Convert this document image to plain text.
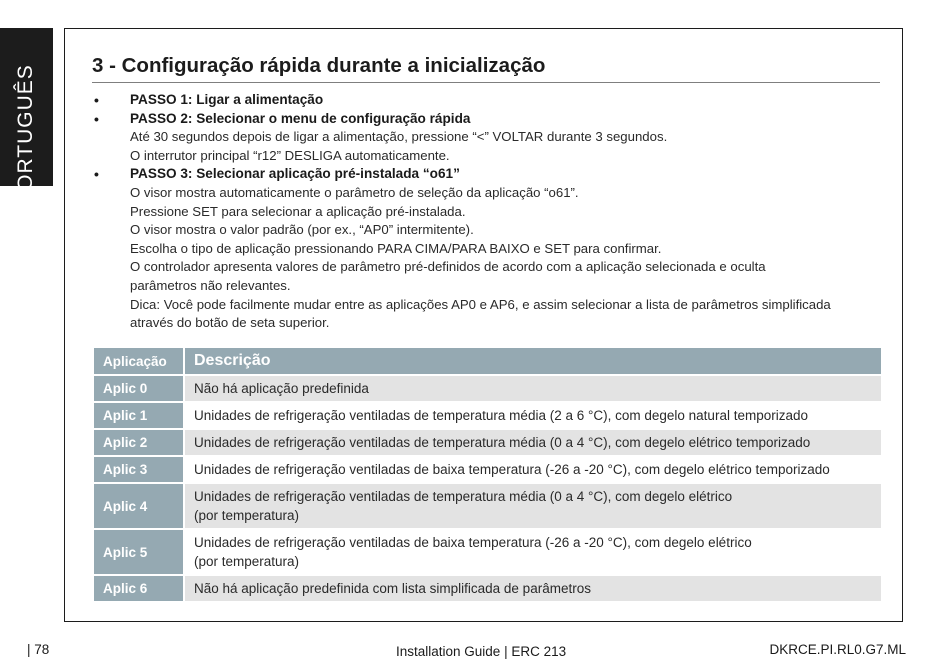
PORTUGUÊS	3 - Configuração rápida durante a inicialização
• PASSO 1: Ligar a alimentação
• PASSO 2: Selecionar o menu de configuração rápida
Até 30 segundos depois de ligar a alimentação, pressione “<” VOLTAR durante 3 segundos.
O interrutor principal “r12” DESLIGA automaticamente.
• PASSO 3: Selecionar aplicação pré-instalada “o61”
O visor mostra automaticamente o parâmetro de seleção da aplicação “o61”.
Pressione SET para selecionar a aplicação pré-instalada.
O visor mostra o valor padrão (por ex., “AP0” intermitente).
Escolha o tipo de aplicação pressionando PARA CIMA/PARA BAIXO e SET para confirmar.
O controlador apresenta valores de parâmetro pré-definidos de acordo com a aplicação selecionada e oculta
parâmetros não relevantes.
Dica: Você pode facilmente mudar entre as aplicações AP0 e AP6, e assim selecionar a lista de parâmetros simplificada
através do botão de seta superior.
Aplicação	Descrição
Aplic 0	Não há aplicação predefinida

Aplic 1	Unidades de refrigeração ventiladas de temperatura média (2 a 6 °C), com degelo natural temporizado

Aplic 2	Unidades de refrigeração ventiladas de temperatura média (0 a 4 °C), com degelo elétrico temporizado

Aplic 3	Unidades de refrigeração ventiladas de baixa temperatura (-26 a -20 °C), com degelo elétrico temporizado

Aplic 4	Unidades de refrigeração ventiladas de temperatura média (0 a 4 °C), com degelo elétrico
(por temperatura)

Aplic 5	Unidades de refrigeração ventiladas de baixa temperatura (-26 a -20 °C), com degelo elétrico
(por temperatura)

Aplic 6	Não há aplicação predefinida com lista simplificada de parâmetros
| 78	Installation Guide | ERC 213	DKRCE.PI.RL0.G7.ML
